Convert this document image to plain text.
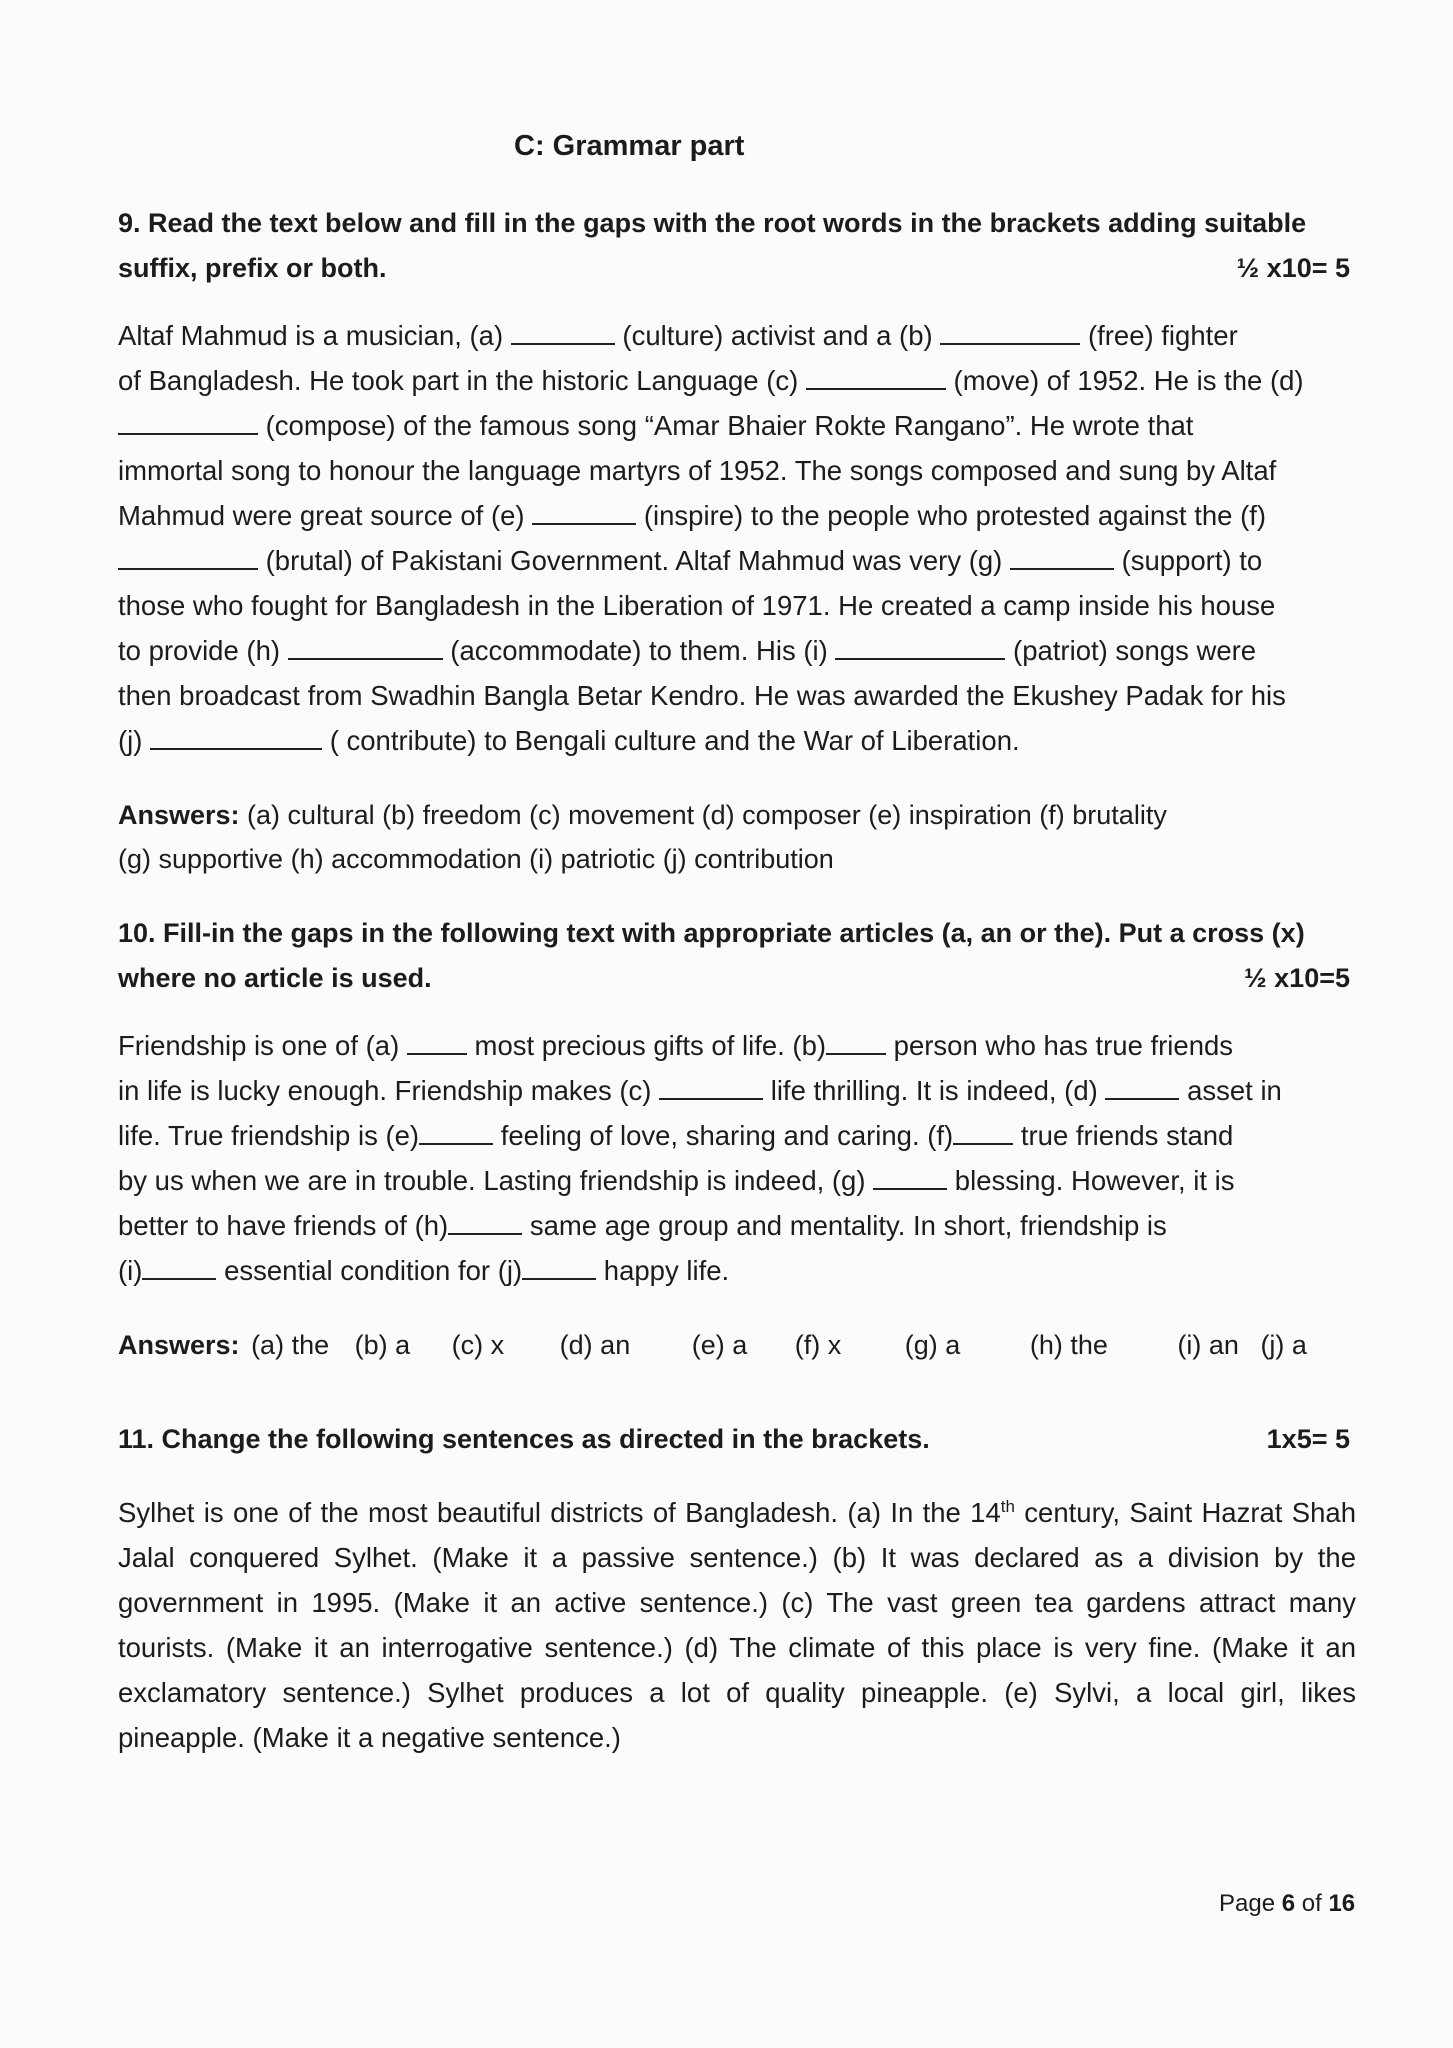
C: Grammar part
9. Read the text below and fill in the gaps with the root words in the brackets adding suitable suffix, prefix or both.	½ x10= 5
Altaf Mahmud is a musician, (a)	(culture) activist and a (b)	(free) fighter
of Bangladesh. He took part in the historic Language (c)	(move) of 1952. He is the (d)
(compose) of the famous song “Amar Bhaier Rokte Rangano”. He wrote that
immortal song to honour the language martyrs of 1952. The songs composed and sung by Altaf
Mahmud were great source of (e)	(inspire) to the people who protested against the (f)
(brutal) of Pakistani Government. Altaf Mahmud was very (g)	(support) to
those who fought for Bangladesh in the Liberation of 1971. He created a camp inside his house
to provide (h)	(accommodate) to them. His (i)	(patriot) songs were
then broadcast from Swadhin Bangla Betar Kendro. He was awarded the Ekushey Padak for his
(j)	( contribute) to Bengali culture and the War of Liberation.
Answers: (a) cultural (b) freedom (c) movement (d) composer (e) inspiration (f) brutality
(g) supportive (h) accommodation (i) patriotic (j) contribution
10. Fill-in the gaps in the following text with appropriate articles (a, an or the). Put a cross (x) where no article is used.	½ x10=5
Friendship is one of (a)  most precious gifts of life. (b) person who has true friends
in life is lucky enough. Friendship makes (c)	life thrilling. It is indeed, (d)	asset in
life. True friendship is (e)	feeling of love, sharing and caring. (f) true friends stand
by us when we are in trouble. Lasting friendship is indeed, (g)	blessing. However, it is
better to have friends of (h)	same age group and mentality. In short, friendship is
(i)	essential condition for (j)	happy life.
Answers: (a) the (b) a (c) x (d) an (e) a (f) x (g) a	(h) the	(i) an (j) a
11. Change the following sentences as directed in the brackets.	1x5= 5
Sylhet is one of the most beautiful districts of Bangladesh. (a) In the 14th century, Saint Hazrat Shah Jalal conquered Sylhet. (Make it a passive sentence.) (b) It was declared as a division by the government in 1995. (Make it an active sentence.) (c) The vast green tea gardens attract many tourists. (Make it an interrogative sentence.) (d) The climate of this place is very fine. (Make it an exclamatory sentence.) Sylhet produces a lot of quality pineapple. (e) Sylvi, a local girl, likes pineapple. (Make it a negative sentence.)
Page 6 of 16
